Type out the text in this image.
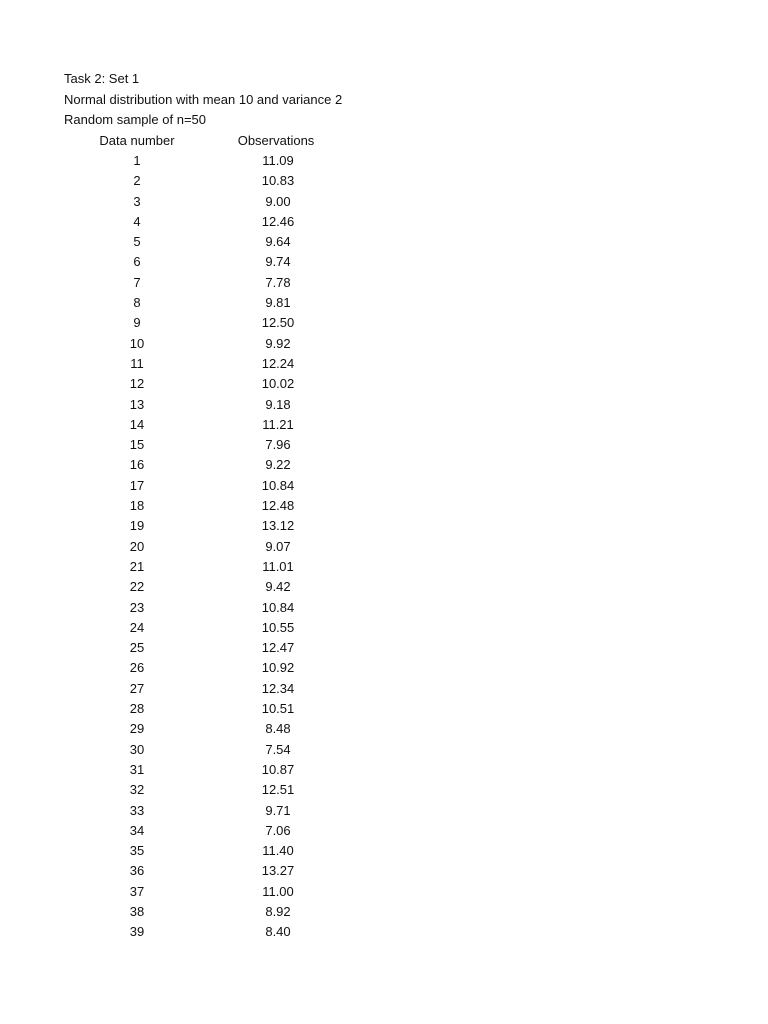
Task 2: Set 1
Normal distribution with mean 10 and variance 2
Random sample of n=50
Data number	Observations
1	11.09
2	10.83
3	9.00
4	12.46
5	9.64
6	9.74
7	7.78
8	9.81
9	12.50
10	9.92
11	12.24
12	10.02
13	9.18
14	11.21
15	7.96
16	9.22
17	10.84
18	12.48
19	13.12
20	9.07
21	11.01
22	9.42
23	10.84
24	10.55
25	12.47
26	10.92
27	12.34
28	10.51
29	8.48
30	7.54
31	10.87
32	12.51
33	9.71
34	7.06
35	11.40
36	13.27
37	11.00
38	8.92
39	8.40
